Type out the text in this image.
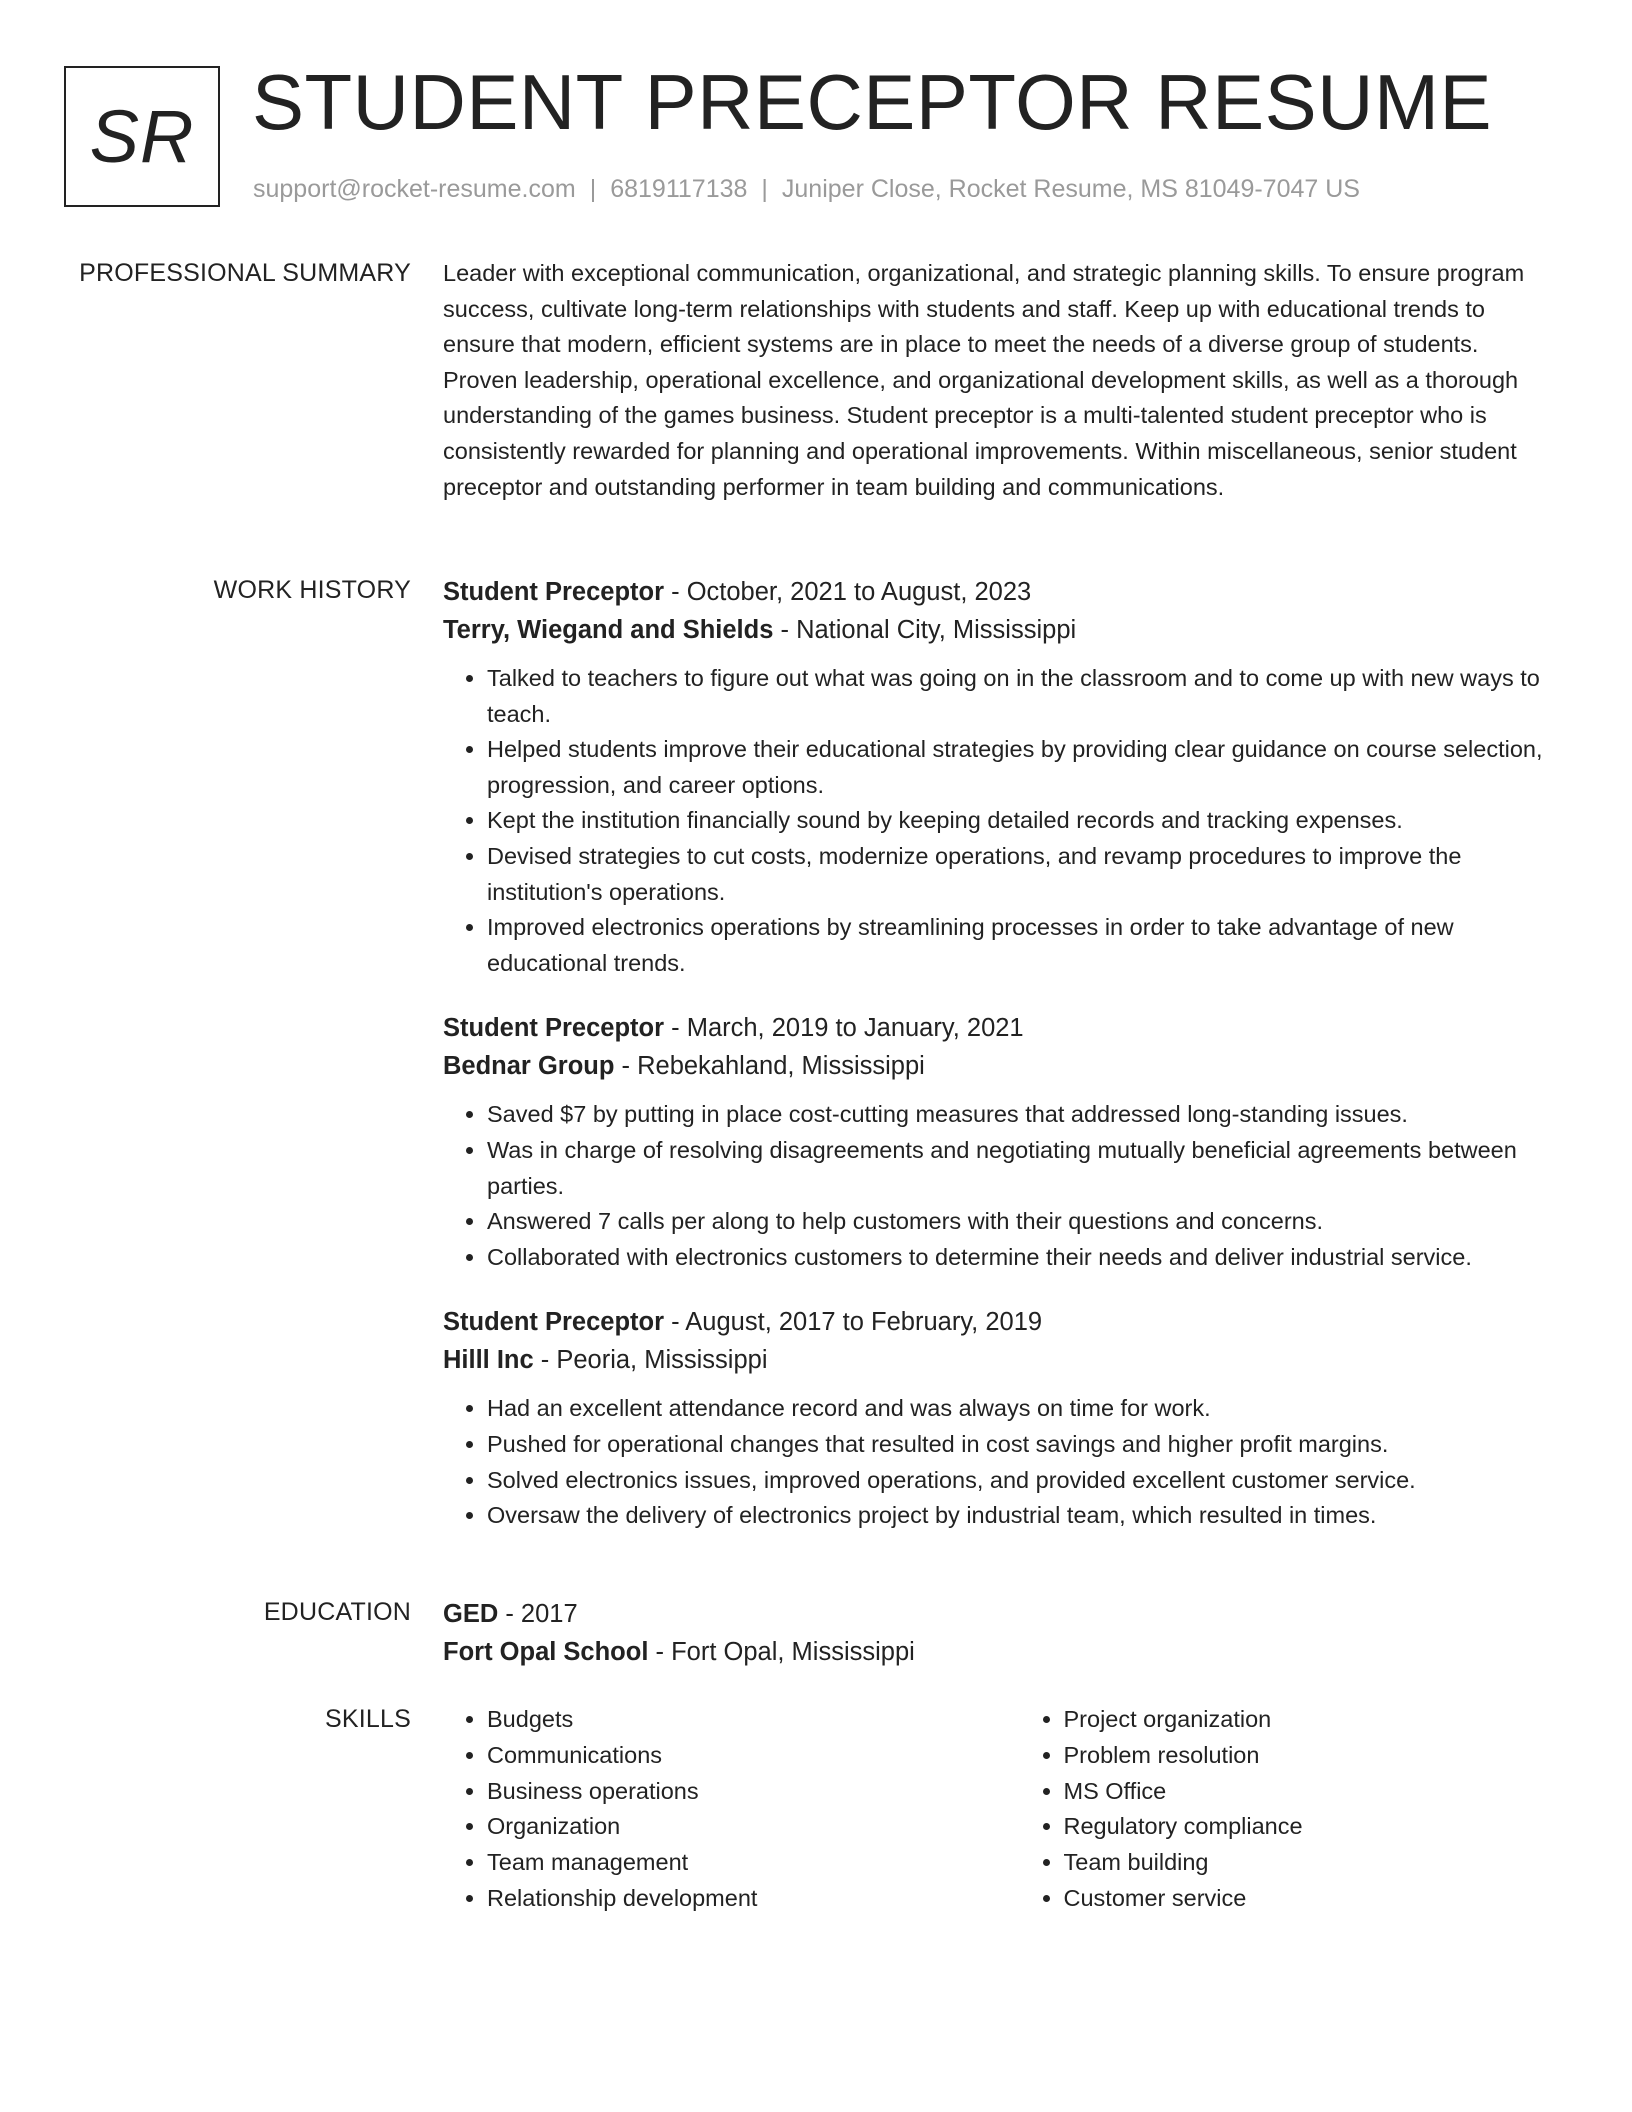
SR STUDENT PRECEPTOR RESUME
support@rocket-resume.com | 6819117138 | Juniper Close, Rocket Resume, MS 81049-7047 US
PROFESSIONAL SUMMARY Leader with exceptional communication, organizational, and strategic planning skills. To ensure program success, cultivate long-term relationships with students and staff. Keep up with educational trends to ensure that modern, efficient systems are in place to meet the needs of a diverse group of students. Proven leadership, operational excellence, and organizational development skills, as well as a thorough understanding of the games business. Student preceptor is a multi-talented student preceptor who is consistently rewarded for planning and operational improvements. Within miscellaneous, senior student preceptor and outstanding performer in team building and communications.

WORK HISTORY Student Preceptor - October, 2021 to August, 2023
Terry, Wiegand and Shields - National City, Mississippi
• Talked to teachers to figure out what was going on in the classroom and to come up with new ways to teach.
• Helped students improve their educational strategies by providing clear guidance on course selection, progression, and career options.
• Kept the institution financially sound by keeping detailed records and tracking expenses.
• Devised strategies to cut costs, modernize operations, and revamp procedures to improve the institution's operations.
• Improved electronics operations by streamlining processes in order to take advantage of new educational trends.
Student Preceptor - March, 2019 to January, 2021
Bednar Group - Rebekahland, Mississippi
• Saved $7 by putting in place cost-cutting measures that addressed long-standing issues.
• Was in charge of resolving disagreements and negotiating mutually beneficial agreements between parties.
• Answered 7 calls per along to help customers with their questions and concerns.
• Collaborated with electronics customers to determine their needs and deliver industrial service.
Student Preceptor - August, 2017 to February, 2019
Hilll Inc - Peoria, Mississippi
• Had an excellent attendance record and was always on time for work.
• Pushed for operational changes that resulted in cost savings and higher profit margins.
• Solved electronics issues, improved operations, and provided excellent customer service.
• Oversaw the delivery of electronics project by industrial team, which resulted in times.
EDUCATION GED - 2017
Fort Opal School - Fort Opal, Mississippi
SKILLS
•	Budgets
• Communications
• Business operations
• Organization
• Team management
• Relationship development
• Project organization
• Problem resolution
• MS Office
• Regulatory compliance
• Team building
• Customer service
